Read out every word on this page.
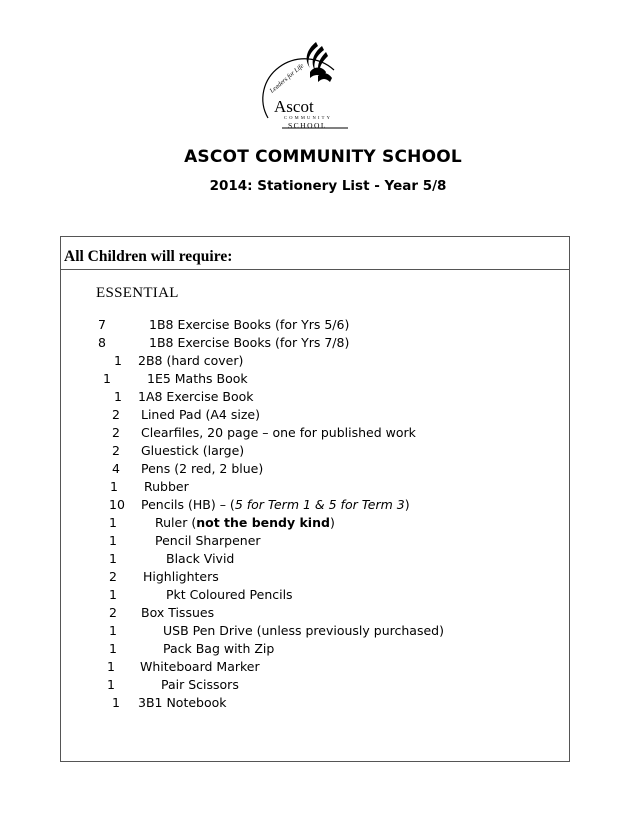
Leaders for Life
Ascot
COMMUNITY
SCHOOL
ASCOT COMMUNITY SCHOOL
2014: Stationery List - Year 5/8
All Children will require:
ESSENTIAL
7	1B8 Exercise Books (for Yrs 5/6)
8	1B8 Exercise Books (for Yrs 7/8)
1 2B8 (hard cover)
1	1E5 Maths Book
1 1A8 Exercise Book
2 Lined Pad (A4 size)
2 Clearfiles, 20 page – one for published work
2 Gluestick (large)
4 Pens (2 red, 2 blue)
1 Rubber
10 Pencils (HB) – (5 for Term 1 & 5 for Term 3)
1	Ruler (not the bendy kind)
1	Pencil Sharpener
1	Black Vivid
2 Highlighters
1	Pkt Coloured Pencils
2 Box Tissues
1	USB Pen Drive (unless previously purchased)
1	Pack Bag with Zip
1 Whiteboard Marker
1	Pair Scissors
1 3B1 Notebook
